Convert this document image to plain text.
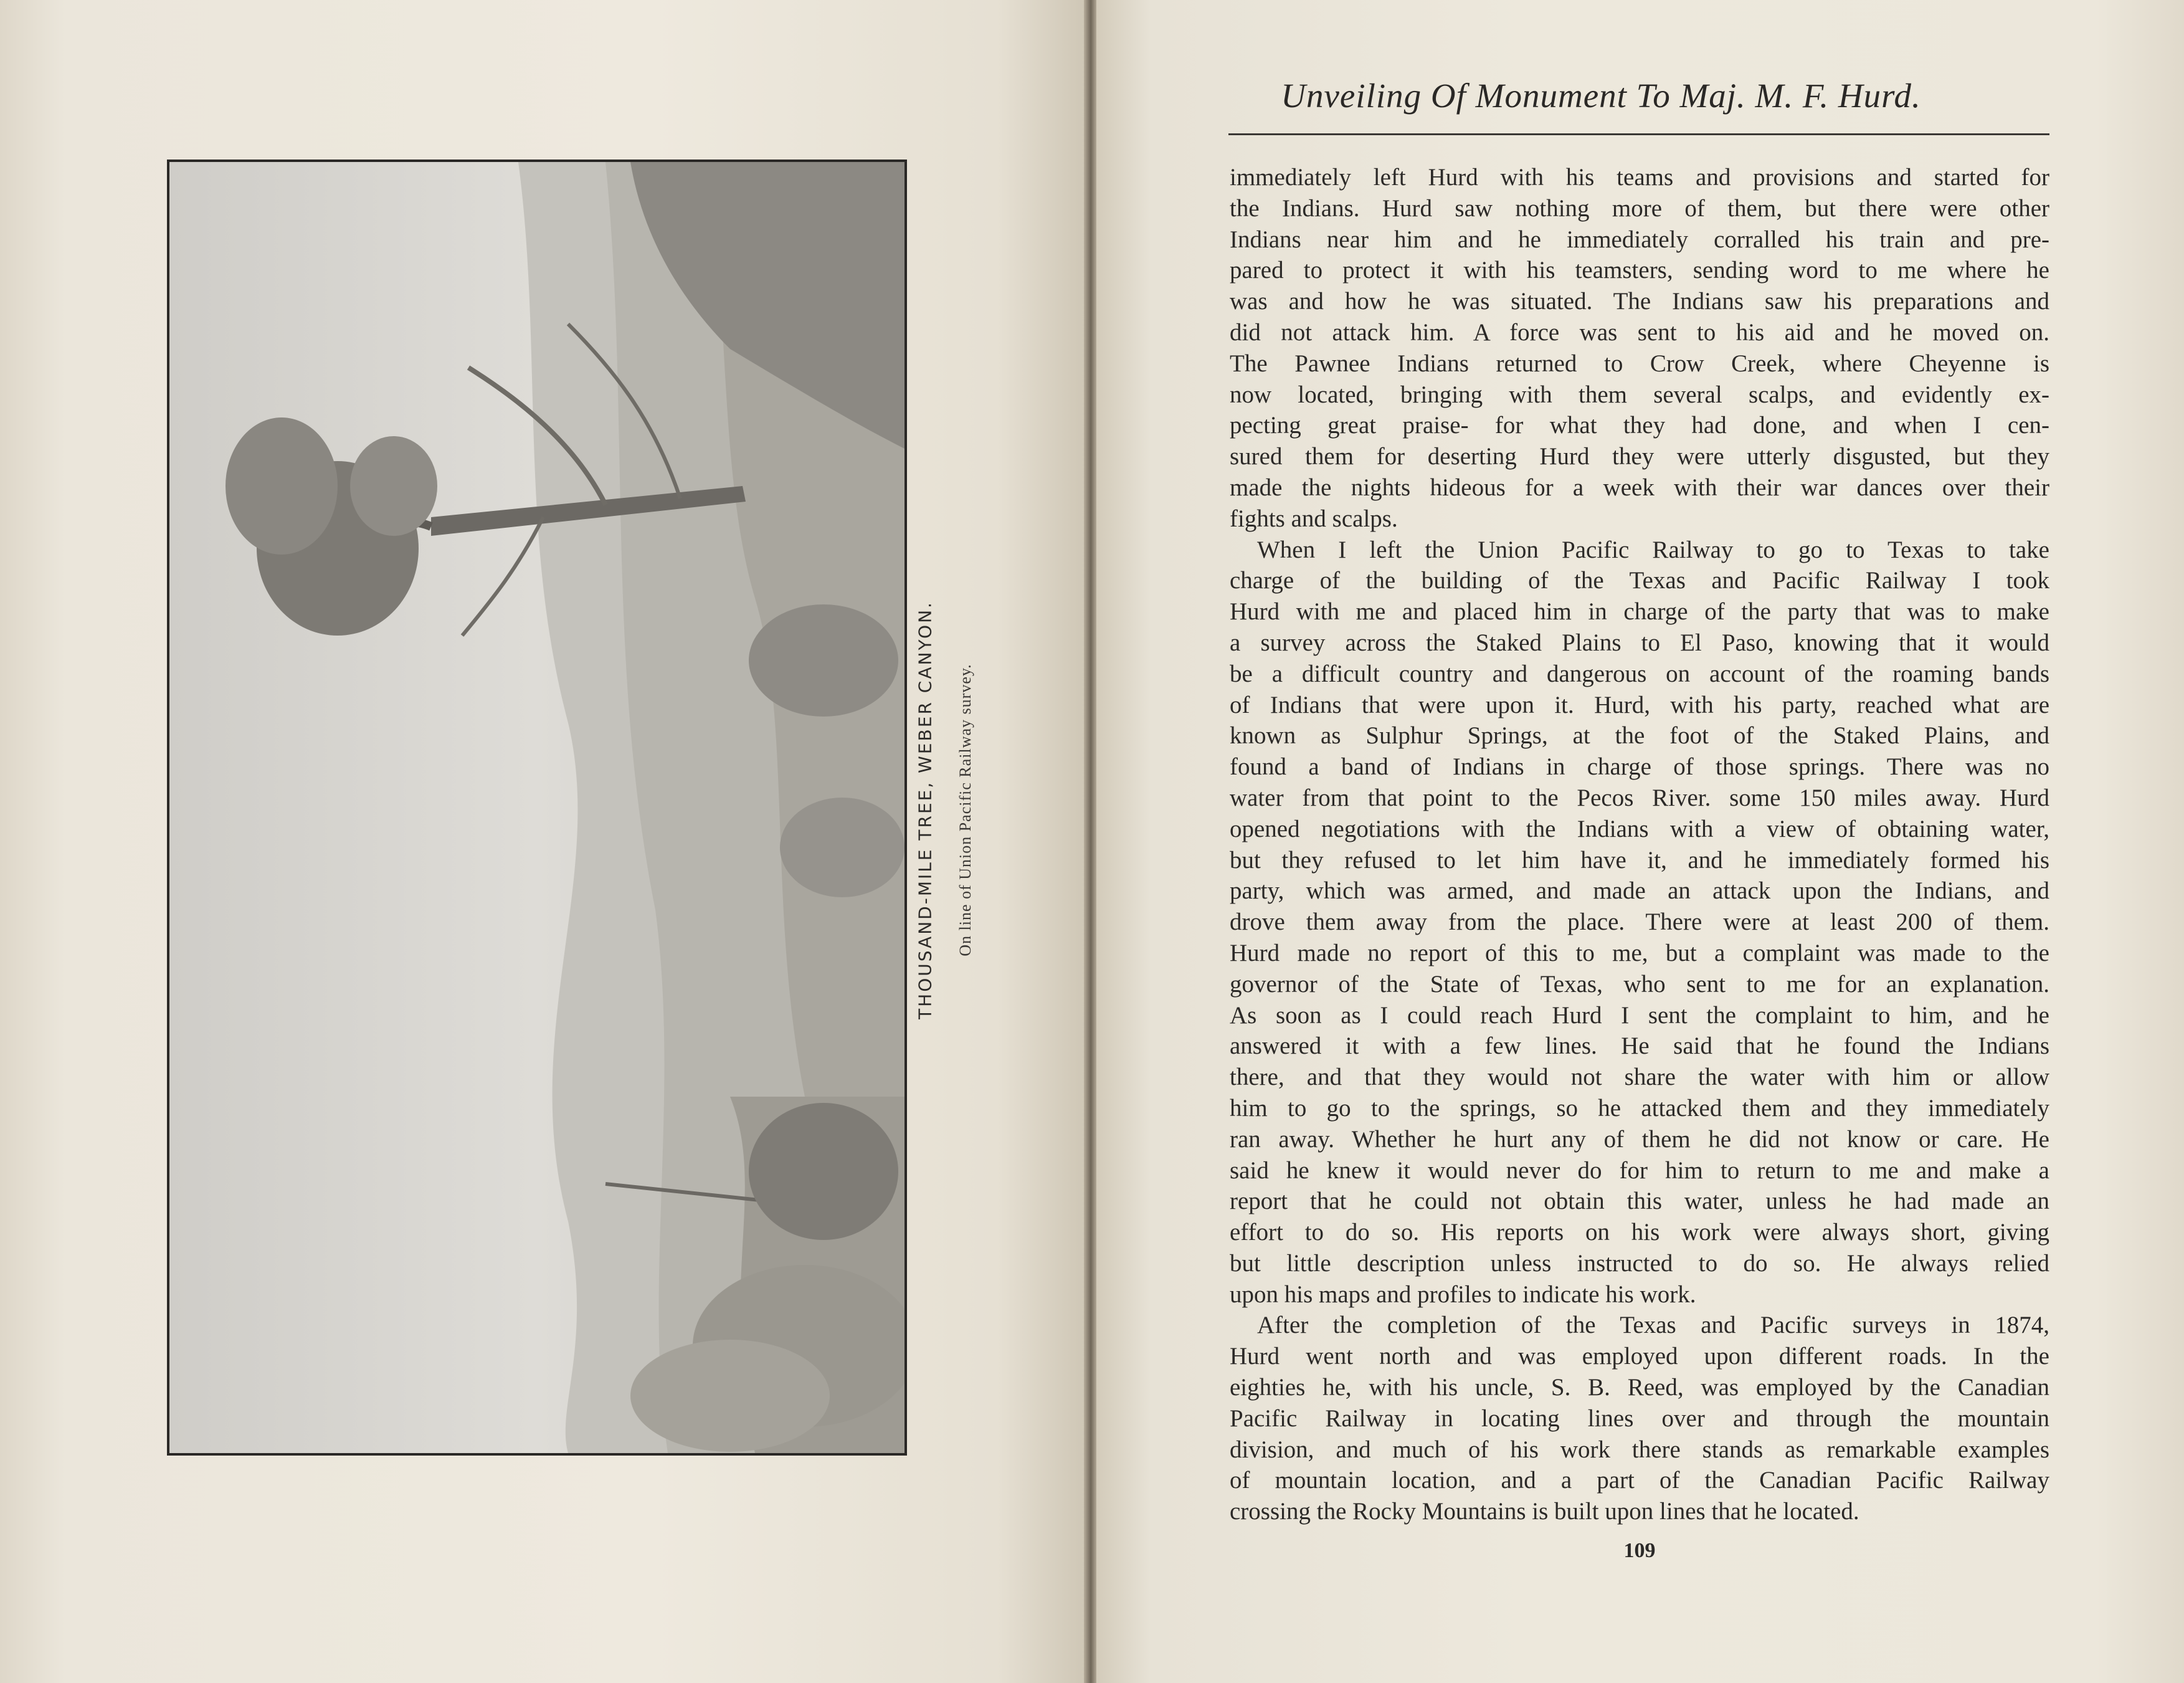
THOUSAND-MILE TREE, WEBER CANYON. On line of Union Pacific Railway survey.
Unveiling Of Monument To Maj. M. F. Hurd.
immediately left Hurd with his teams and provisions and started for
the Indians. Hurd saw nothing more of them, but there were other
Indians near him and he immediately corralled his train and pre-
pared to protect it with his teamsters, sending word to me where he
was and how he was situated. The Indians saw his preparations and
did not attack him. A force was sent to his aid and he moved on.
The Pawnee Indians returned to Crow Creek, where Cheyenne is
now located, bringing with them several scalps, and evidently ex-
pecting great praise- for what they had done, and when I cen-
sured them for deserting Hurd they were utterly disgusted, but they
made the nights hideous for a week with their war dances over their
fights and scalps.
When I left the Union Pacific Railway to go to Texas to take
charge of the building of the Texas and Pacific Railway I took
Hurd with me and placed him in charge of the party that was to make
a survey across the Staked Plains to El Paso, knowing that it would
be a difficult country and dangerous on account of the roaming bands
of Indians that were upon it. Hurd, with his party, reached what are
known as Sulphur Springs, at the foot of the Staked Plains, and
found a band of Indians in charge of those springs. There was no
water from that point to the Pecos River. some 150 miles away. Hurd
opened negotiations with the Indians with a view of obtaining water,
but they refused to let him have it, and he immediately formed his
party, which was armed, and made an attack upon the Indians, and
drove them away from the place. There were at least 200 of them.
Hurd made no report of this to me, but a complaint was made to the
governor of the State of Texas, who sent to me for an explanation.
As soon as I could reach Hurd I sent the complaint to him, and he
answered it with a few lines. He said that he found the Indians
there, and that they would not share the water with him or allow
him to go to the springs, so he attacked them and they immediately
ran away. Whether he hurt any of them he did not know or care. He
said he knew it would never do for him to return to me and make a
report that he could not obtain this water, unless he had made an
effort to do so. His reports on his work were always short, giving
but little description unless instructed to do so. He always relied
upon his maps and profiles to indicate his work.
After the completion of the Texas and Pacific surveys in 1874,
Hurd went north and was employed upon different roads. In the
eighties he, with his uncle, S. B. Reed, was employed by the Canadian
Pacific Railway in locating lines over and through the mountain
division, and much of his work there stands as remarkable examples
of mountain location, and a part of the Canadian Pacific Railway
crossing the Rocky Mountains is built upon lines that he located.
109
